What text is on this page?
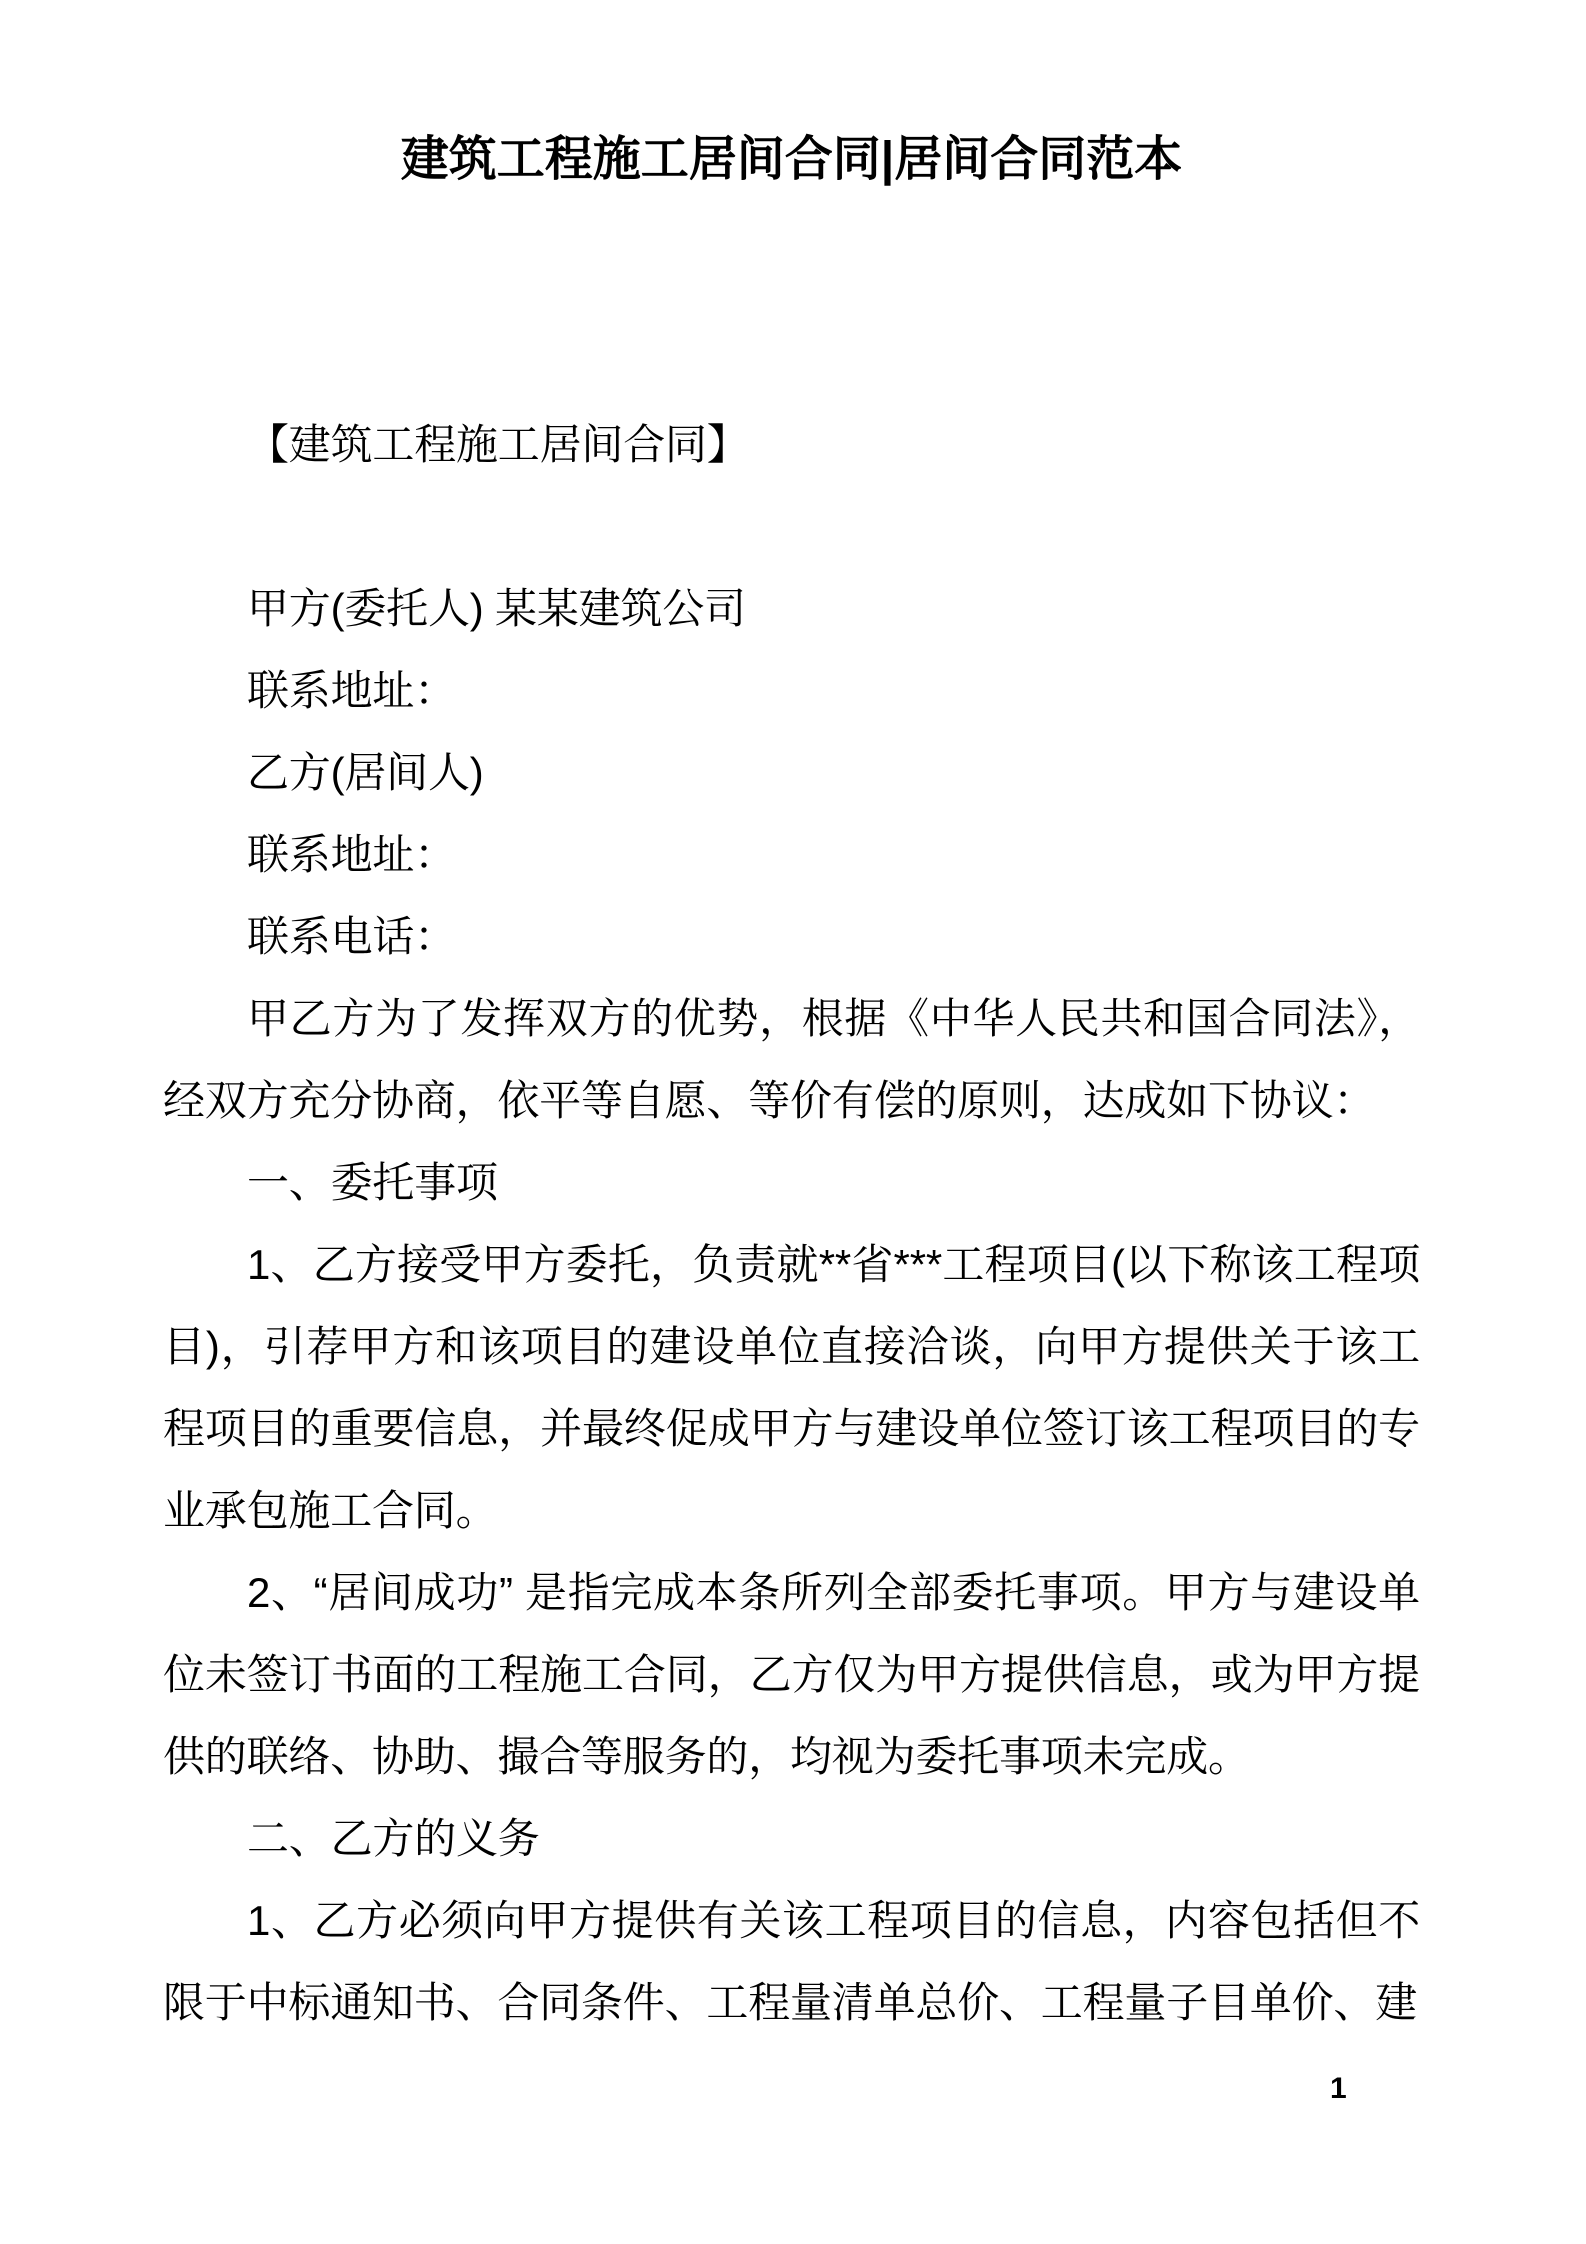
建筑工程施工居间合同|居间合同范本

【建筑工程施工居间合同】

甲方(委托人) 某某建筑公司

联系地址：

乙方(居间人)

联系地址：

联系电话：

甲乙方为了发挥双方的优势，根据《中华人民共和国合同法》，经双方充分协商，依平等自愿、等价有偿的原则，达成如下协议：

一、委托事项

1、乙方接受甲方委托，负责就**省***工程项目(以下称该工程项目)，引荐甲方和该项目的建设单位直接洽谈，向甲方提供关于该工程项目的重要信息，并最终促成甲方与建设单位签订该工程项目的专业承包施工合同。

2、“居间成功” 是指完成本条所列全部委托事项。甲方与建设单位未签订书面的工程施工合同，乙方仅为甲方提供信息，或为甲方提供的联络、协助、撮合等服务的，均视为委托事项未完成。

二、乙方的义务

1、乙方必须向甲方提供有关该工程项目的信息，内容包括但不限于中标通知书、合同条件、工程量清单总价、工程量子目单价、建

1
